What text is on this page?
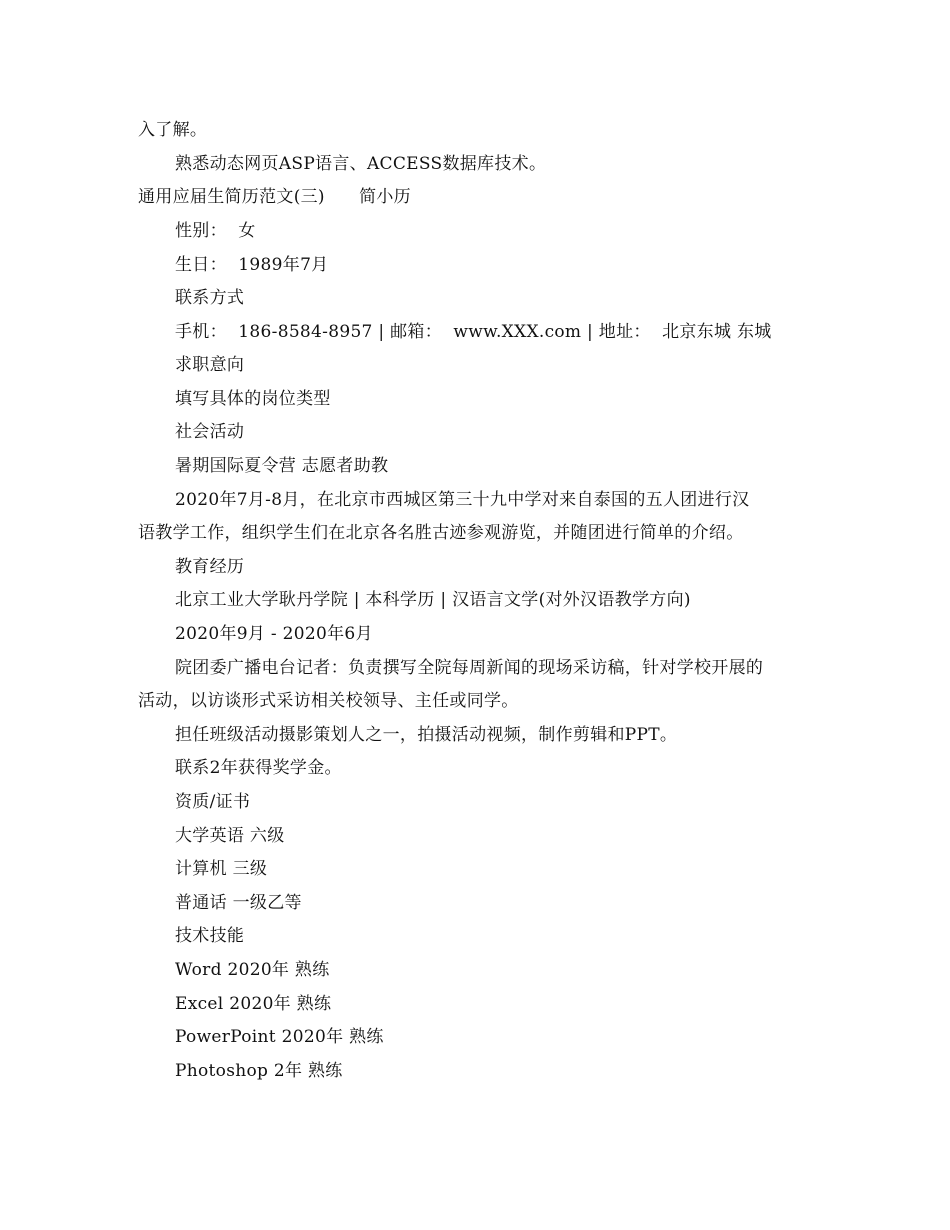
入了解。
熟悉动态网页ASP语言、ACCESS数据库技术。
通用应届生简历范文(三)      简小历
性别：  女
生日：  1989年7月
联系方式
手机：  186-8584-8957 | 邮箱：  www.XXX.com | 地址：  北京东城 东城
求职意向
填写具体的岗位类型
社会活动
暑期国际夏令营 志愿者助教
2020年7月-8月，在北京市西城区第三十九中学对来自泰国的五人团进行汉
语教学工作，组织学生们在北京各名胜古迹参观游览，并随团进行简单的介绍。
教育经历
北京工业大学耿丹学院 | 本科学历 | 汉语言文学(对外汉语教学方向)
2020年9月 - 2020年6月
院团委广播电台记者：负责撰写全院每周新闻的现场采访稿，针对学校开展的
活动，以访谈形式采访相关校领导、主任或同学。
担任班级活动摄影策划人之一，拍摄活动视频，制作剪辑和PPT。
联系2年获得奖学金。
资质/证书
大学英语 六级
计算机 三级
普通话 一级乙等
技术技能
Word 2020年 熟练
Excel 2020年 熟练
PowerPoint 2020年 熟练
Photoshop 2年 熟练
